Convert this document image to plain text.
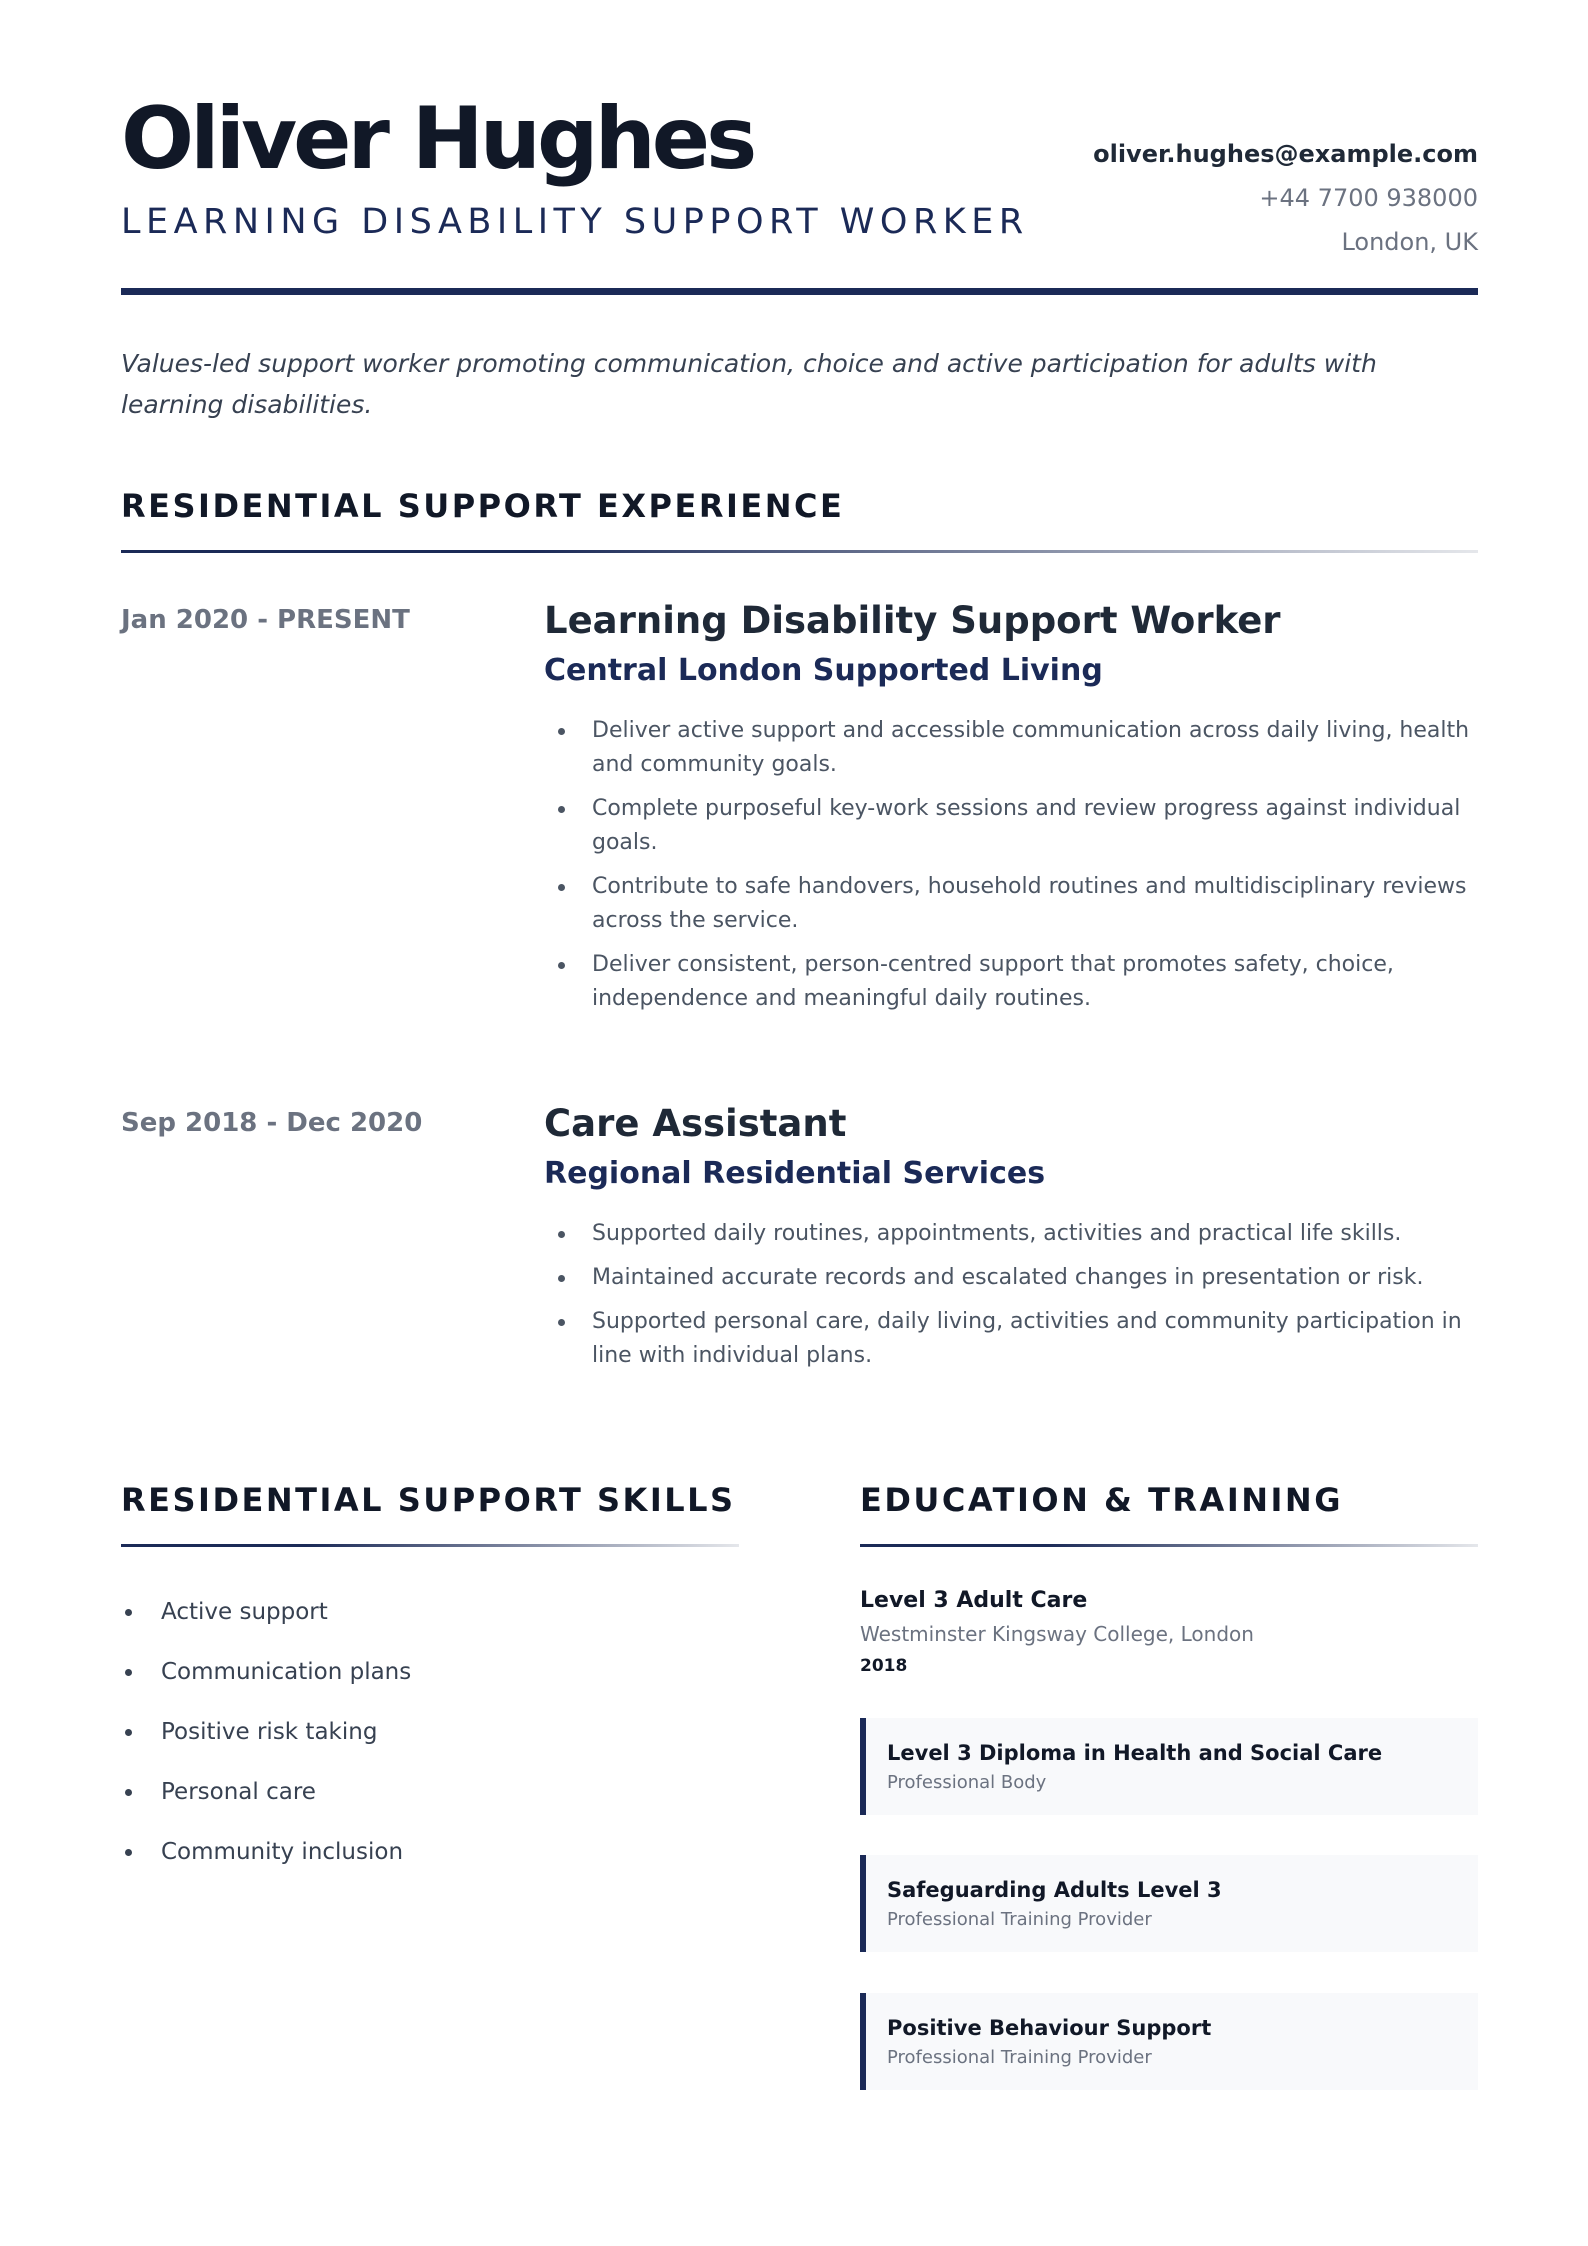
Oliver Hughes
LEARNING DISABILITY SUPPORT WORKER
oliver.hughes@example.com
+44 7700 938000
London, UK

Values-led support worker promoting communication, choice and active participation for adults with learning disabilities.

RESIDENTIAL SUPPORT EXPERIENCE
Jan 2020 - PRESENT	Learning Disability Support Worker
Central London Supported Living
Deliver active support and accessible communication across daily living, health and community goals.
Complete purposeful key-work sessions and review progress against individual goals.
Contribute to safe handovers, household routines and multidisciplinary reviews across the service.
Deliver consistent, person-centred support that promotes safety, choice, independence and meaningful daily routines.
Sep 2018 - Dec 2020	Care Assistant
Regional Residential Services
Supported daily routines, appointments, activities and practical life skills.
Maintained accurate records and escalated changes in presentation or risk.
Supported personal care, daily living, activities and community participation in line with individual plans.
RESIDENTIAL SUPPORT SKILLS
Active support
Communication plans
Positive risk taking
Personal care
Community inclusion
EDUCATION & TRAINING
Level 3 Adult Care
Westminster Kingsway College, London
2018
Level 3 Diploma in Health and Social Care
Professional Body
Safeguarding Adults Level 3
Professional Training Provider
Positive Behaviour Support
Professional Training Provider
